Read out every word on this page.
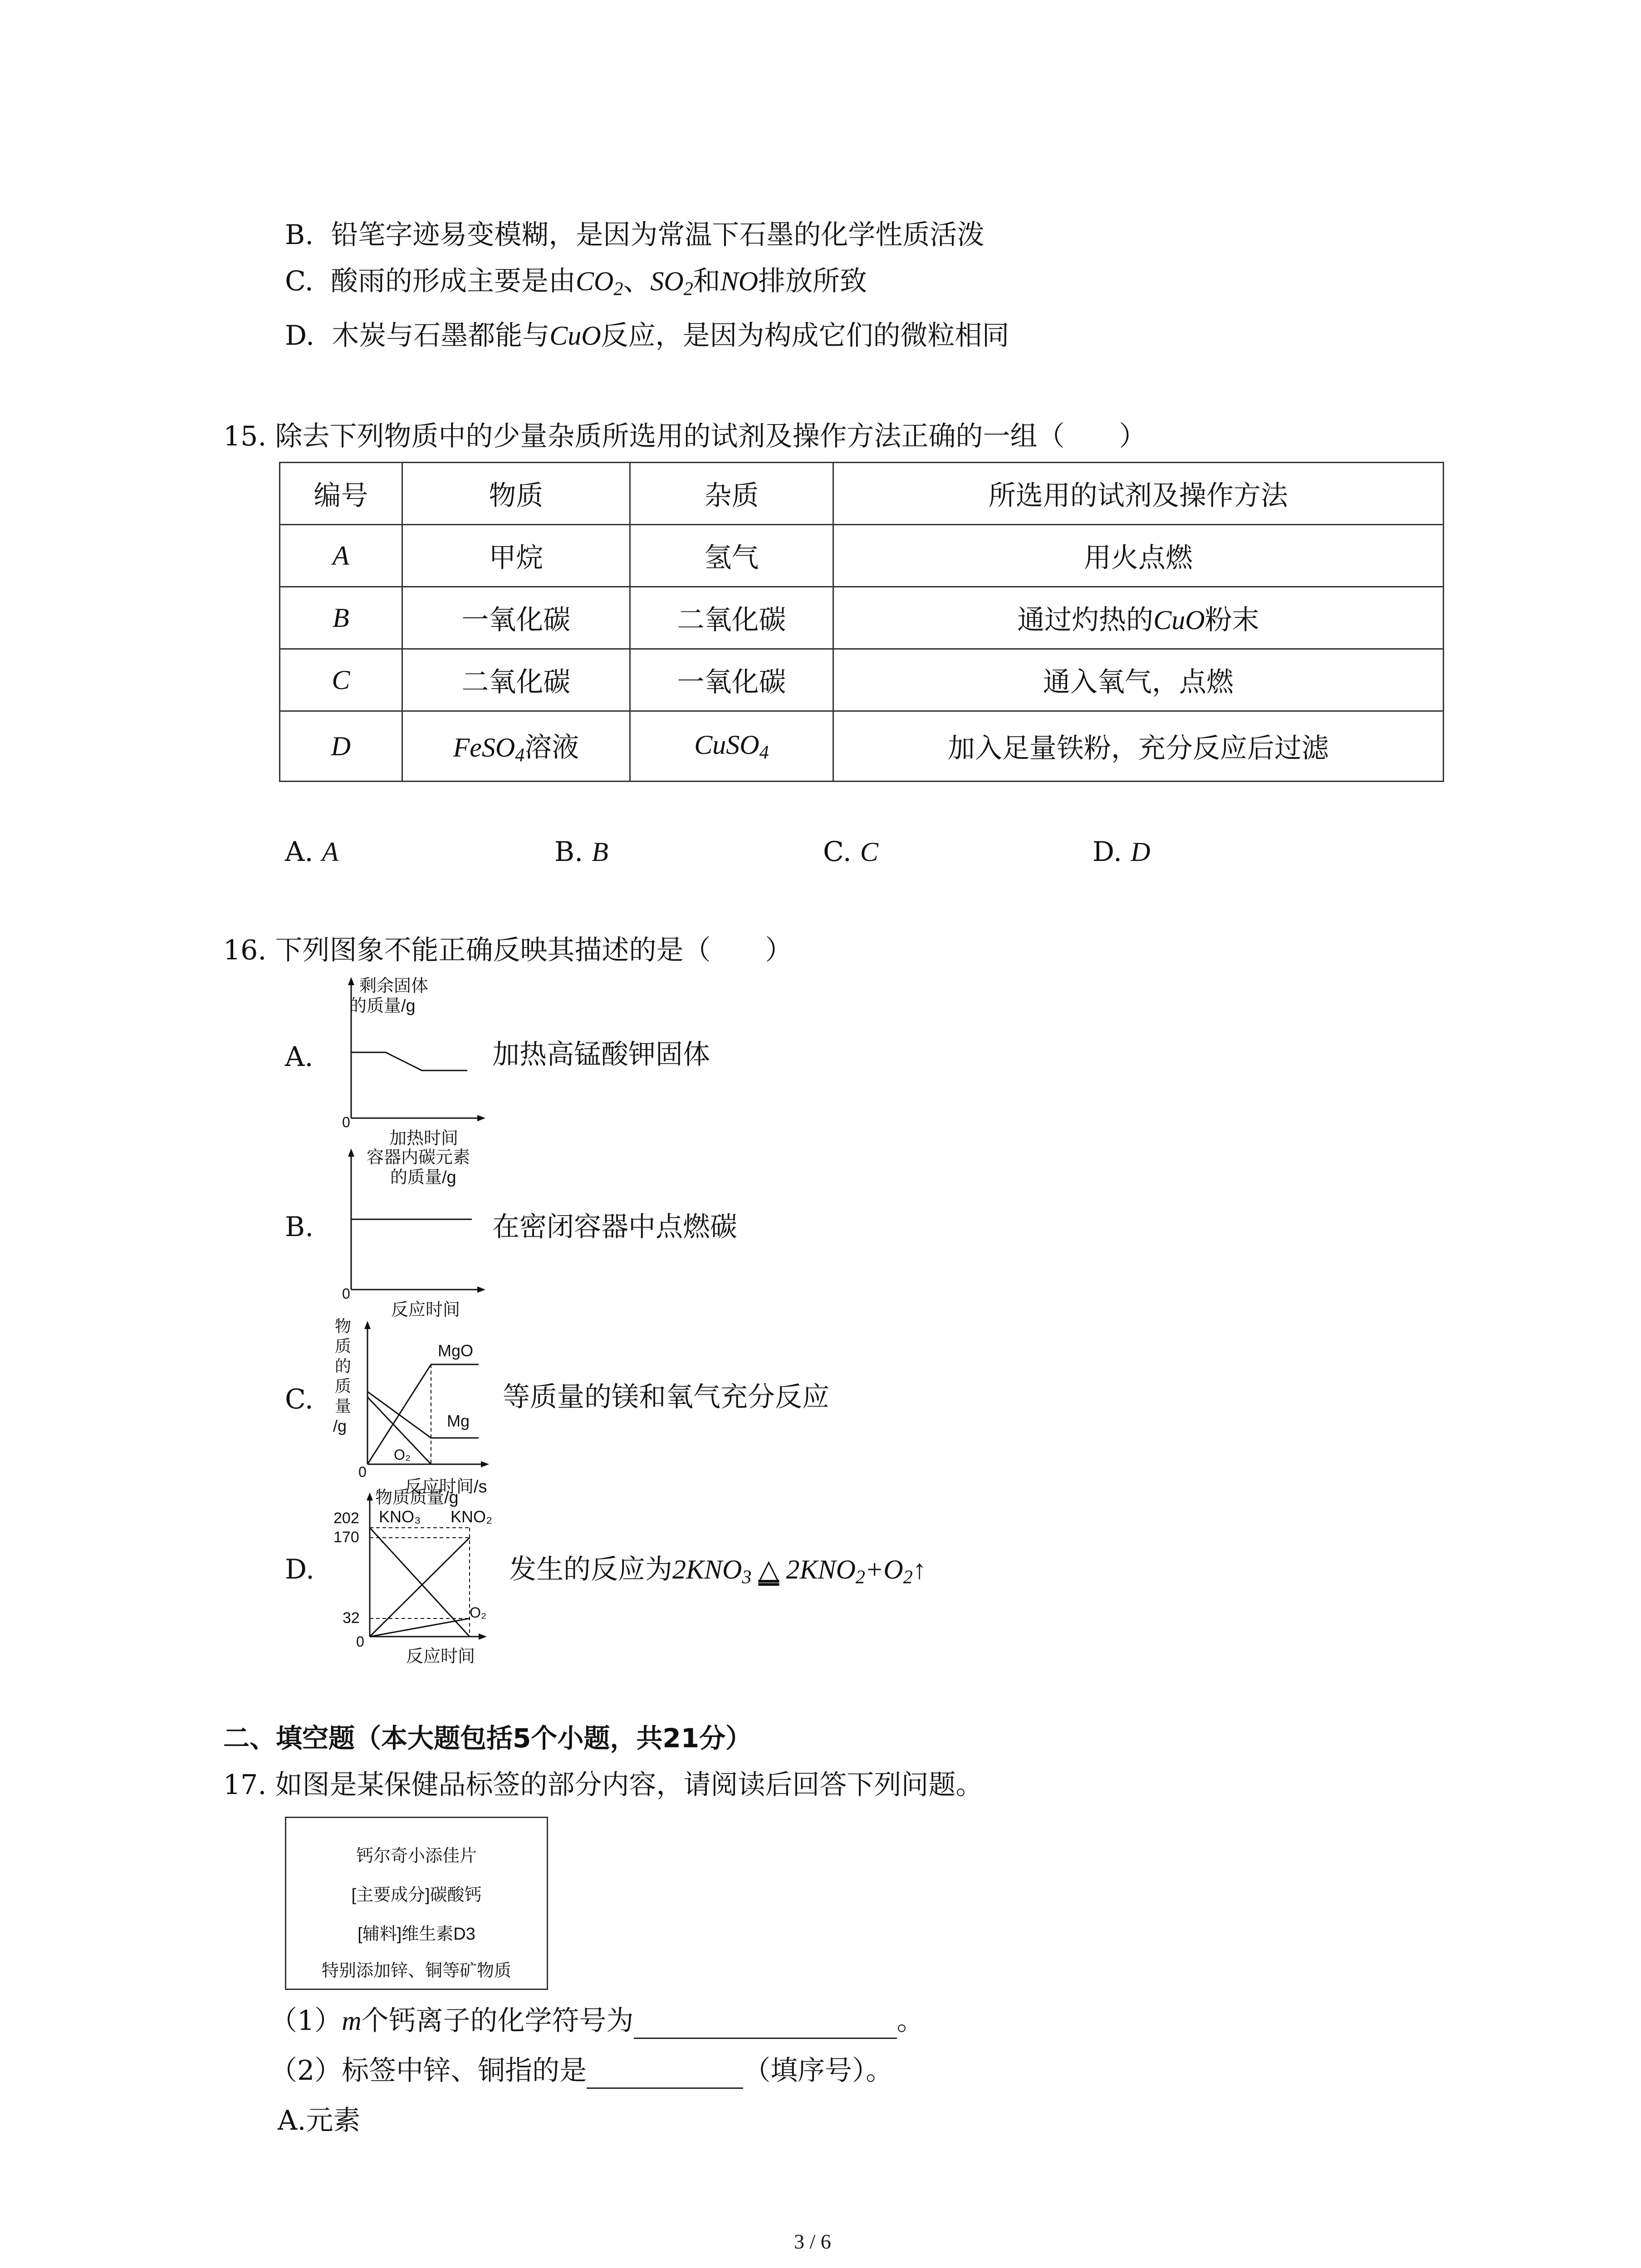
B. 铅笔字迹易变模糊，是因为常温下石墨的化学性质活泼
C. 酸雨的形成主要是由$CO_2$、$SO_2$和NO排放所致
D. 木炭与石墨都能与CuO反应，是因为构成它们的微粒相同
15. 除去下列物质中的少量杂质所选用的试剂及操作方法正确的一组（　　）
编号	物质	杂质	所选用的试剂及操作方法
A	甲烷	氢气	用火点燃
B	一氧化碳	二氧化碳	通过灼热的CuO粉末
C	二氧化碳	一氧化碳	通入氧气，点燃
D	FeSO$_4$溶液	CuSO$_4$	加入足量铁粉，充分反应后过滤
A. A	B. B	C. C	D. D
16. 下列图象不能正确反映其描述的是（　　）
A.
剩余固体
的质量/g
0
加热时间
加热高锰酸钾固体
B.
容器内碳元素
的质量/g
0
反应时间
在密闭容器中点燃碳
C.
物
质
的
质
量
/g
MgO
Mg
O₂
0
反应时间/s
等质量的镁和氧气充分反应
D.
物质质量/g
202
170
32
KNO₃ KNO₂
O₂
0
反应时间
发生的反应为$2KNO_3$ △ $2KNO_2+O_2↑$
二、填空题（本大题包括5个小题，共21分）
17. 如图是某保健品标签的部分内容，请阅读后回答下列问题。
钙尔奇小添佳片
[主要成分]碳酸钙
[辅料]维生素D3
特别添加锌、铜等矿物质
（1）m个钙离子的化学符号为	。
（2）标签中锌、铜指的是	（填序号）。
A.元素
3 / 6
